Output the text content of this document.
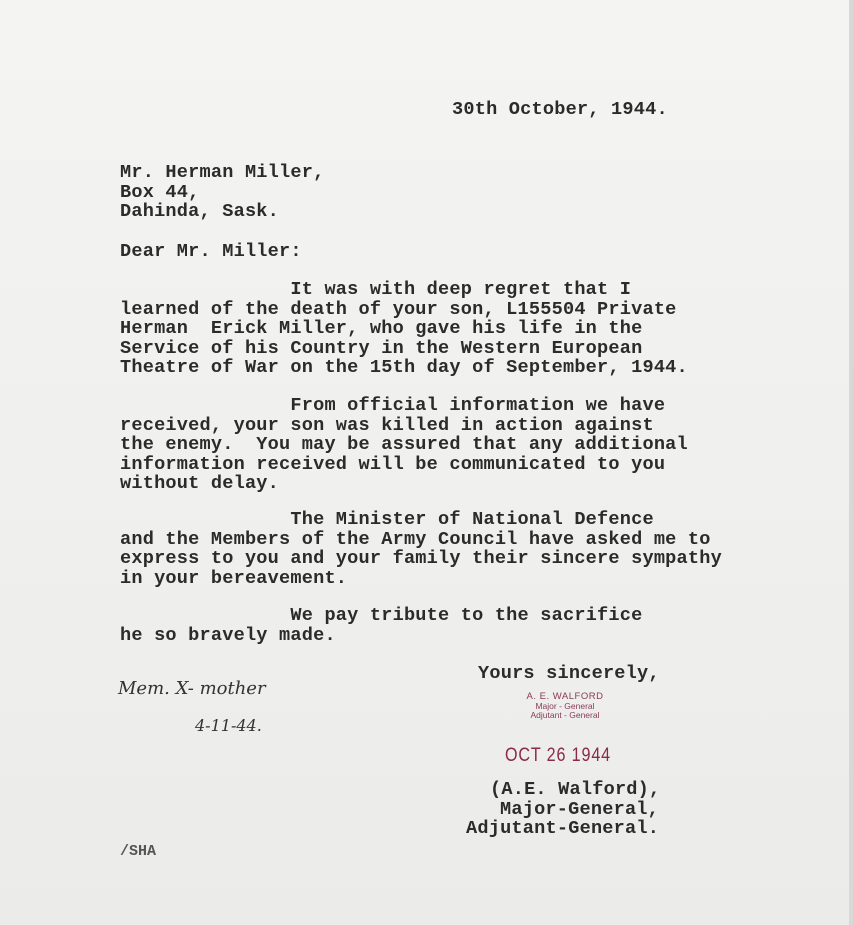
30th October, 1944.
Mr. Herman Miller,
Box 44,
Dahinda, Sask.
Dear Mr. Miller:
It was with deep regret that I
learned of the death of your son, L155504 Private
Herman  Erick Miller, who gave his life in the
Service of his Country in the Western European
Theatre of War on the 15th day of September, 1944.
From official information we have
received, your son was killed in action against
the enemy.  You may be assured that any additional
information received will be communicated to you
without delay.
The Minister of National Defence
and the Members of the Army Council have asked me to
express to you and your family their sincere sympathy
in your bereavement.
We pay tribute to the sacrifice
he so bravely made.
Yours sincerely,
A. E. WALFORD
Major - General
Adjutant - General
OCT 26 1944
(A.E. Walford),
Major-General,
Adjutant-General.
Mem. X- mother
4-11-44.
/SHA
